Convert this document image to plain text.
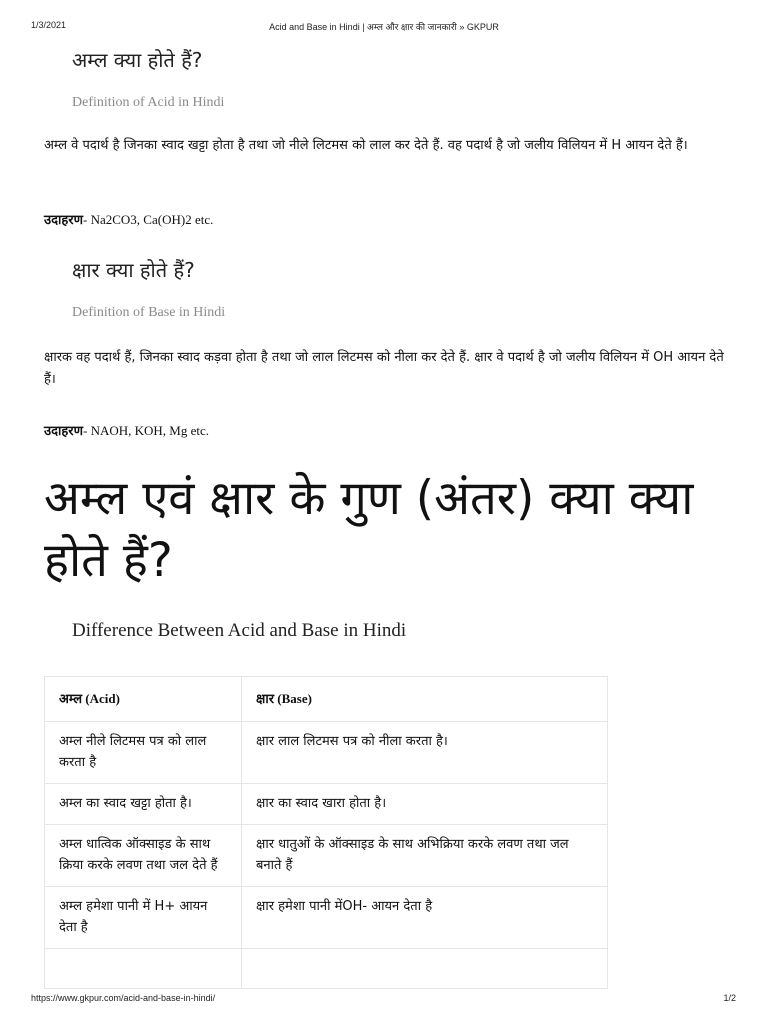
1/3/2021	Acid and Base in Hindi | अम्ल और क्षार की जानकारी » GKPUR
अम्ल क्या होते हैं?
Definition of Acid in Hindi
अम्ल वे पदार्थ है जिनका स्वाद खट्टा होता है तथा जो नीले लिटमस को लाल कर देते हैं. वह पदार्थ है जो जलीय विलियन में H आयन देते हैं।
उदाहरण- Na2CO3, Ca(OH)2 etc.
क्षार क्या होते हैं?
Definition of Base in Hindi
क्षारक वह पदार्थ हैं, जिनका स्वाद कड़वा होता है तथा जो लाल लिटमस को नीला कर देते हैं. क्षार वे पदार्थ है जो जलीय विलियन में OH आयन देते हैं।
उदाहरण- NAOH, KOH, Mg etc.
अम्ल एवं क्षार के गुण (अंतर) क्या क्या होते हैं?
Difference Between Acid and Base in Hindi
अम्ल (Acid)	क्षार (Base)
अम्ल नीले लिटमस पत्र को लाल करता है	क्षार लाल लिटमस पत्र को नीला करता है।
अम्ल का स्वाद खट्टा होता है।	क्षार का स्वाद खारा होता है।
अम्ल धात्विक ऑक्साइड के साथ क्रिया करके लवण तथा जल देते हैं	क्षार धातुओं के ऑक्साइड के साथ अभिक्रिया करके लवण तथा जल बनाते हैं
अम्ल हमेशा पानी में H+ आयन देता है	क्षार हमेशा पानी मेंOH- आयन देता है

https://www.gkpur.com/acid-and-base-in-hindi/	1/2
